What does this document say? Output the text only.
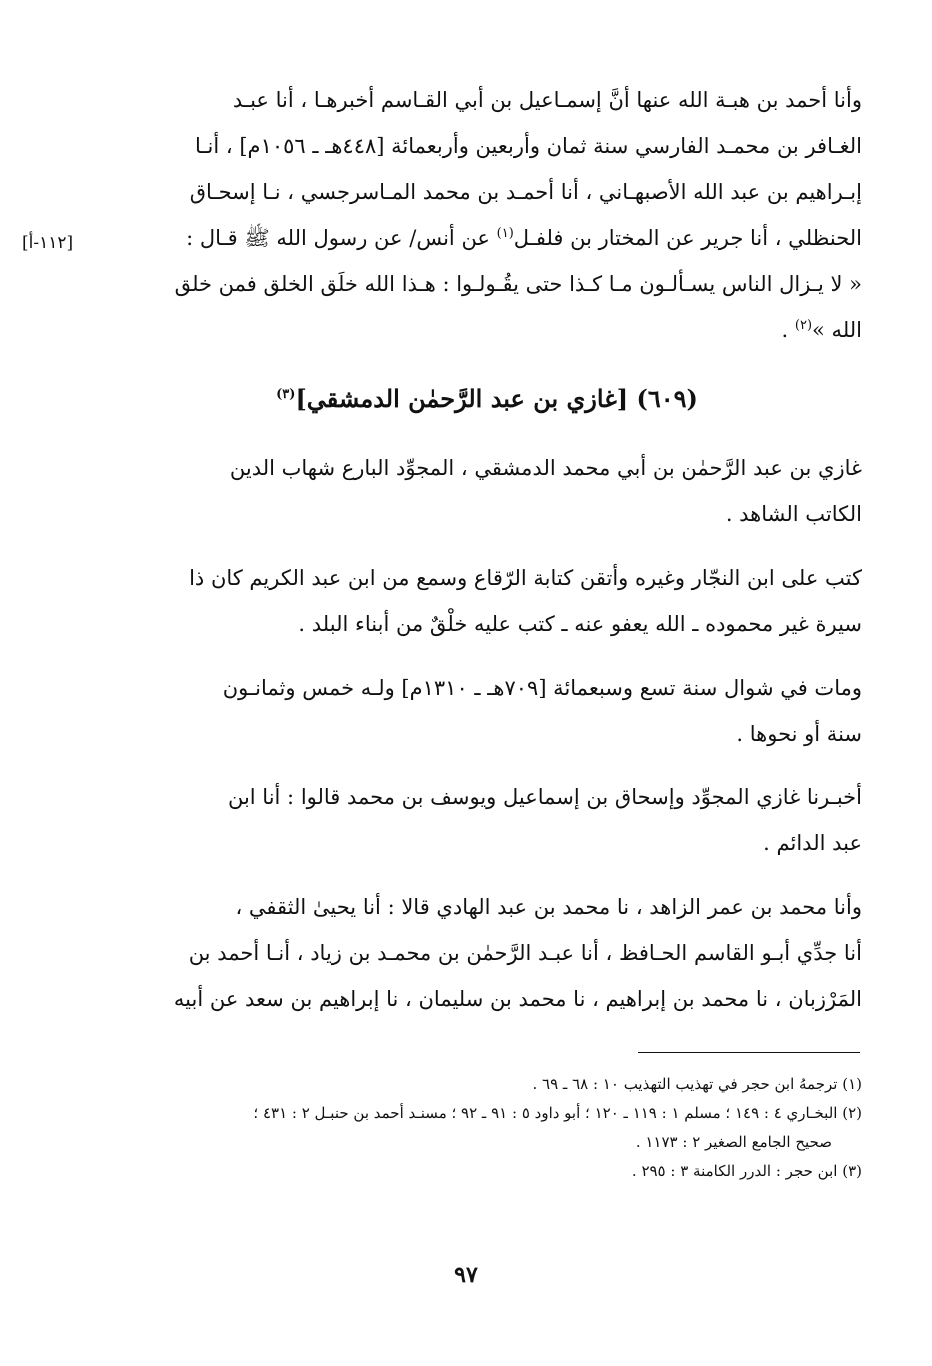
[١١٢-أ]

وأنا أحمد بن هبـة الله عنها أنَّ إسمـاعيل بن أبي القـاسم أخبرهـا ، أنا عبـد

الغـافر بن محمـد الفارسي سنة ثمان وأربعين وأربعمائة [٤٤٨هـ ـ ١٠٥٦م] ، أنـا

إبـراهيم بن عبد الله الأصبهـاني ، أنا أحمـد بن محمد المـاسرجسي ، نـا إسحـاق

الحنظلي ، أنا جرير عن المختار بن فلفـل$^{(١)}$ عن أنس/ عن رسول الله ﷺ قـال :

« لا يـزال الناس يسـألـون مـا كـذا حتى يقُـولـوا : هـذا الله خلَق الخلق فمن خلق

الله »$^{(٢)}$ .

(٦٠٩) [غازي بن عبد الرَّحمٰن الدمشقي]$^{(٣)}$

غازي بن عبد الرَّحمٰن بن أبي محمد الدمشقي ، المجوِّد البارع شهاب الدين

الكاتب الشاهد .

كتب على ابن النجّار وغيره وأتقن كتابة الرّقاع وسمع من ابن عبد الكريم كان ذا

سيرة غير محموده ـ الله يعفو عنه ـ كتب عليه خلْقٌ من أبناء البلد .

ومات في شوال سنة تسع وسبعمائة [٧٠٩هـ ـ ١٣١٠م] ولـه خمس وثمانـون

سنة أو نحوها .

أخبـرنا غازي المجوِّد وإسحاق بن إسماعيل ويوسف بن محمد قالوا : أنا ابن

عبد الدائم .

وأنا محمد بن عمر الزاهد ، نا محمد بن عبد الهادي قالا : أنا يحيىٰ الثقفي ،

أنا جدِّي أبـو القاسم الحـافظ ، أنا عبـد الرَّحمٰن بن محمـد بن زياد ، أنـا أحمد بن

المَرْزبان ، نا محمد بن إبراهيم ، نا محمد بن سليمان ، نا إبراهيم بن سعد عن أبيه

(١) ترجمهُ ابن حجر في تهذيب التهذيب ١٠ : ٦٨ ـ ٦٩ .

(٢) البخـاري ٤ : ١٤٩ ؛ مسلم ١ : ١١٩ ـ ١٢٠ ؛ أبو داود ٥ : ٩١ ـ ٩٢ ؛ مسنـد أحمد بن حنبـل ٢ : ٤٣١ ؛

صحيح الجامع الصغير ٢ : ١١٧٣ .

(٣) ابن حجر : الدرر الكامنة ٣ : ٢٩٥ .

٩٧
